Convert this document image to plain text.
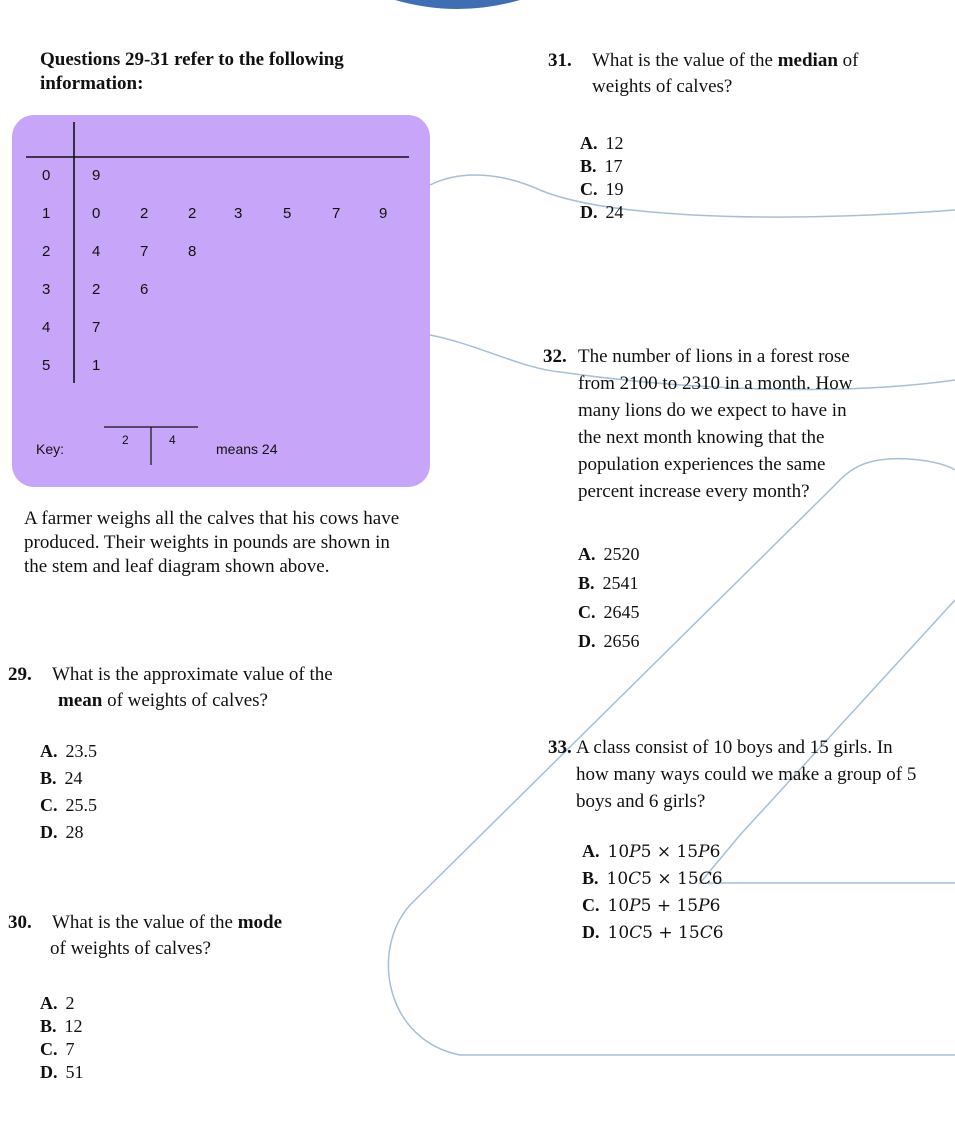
Questions 29-31 refer to the following information:
0	9
1	0	2	2	3	5	7	9
2	4	7	8
3	2	6
4	7
5	1
Key:
2	4
means 24
A farmer weighs all the calves that his cows have produced. Their weights in pounds are shown in the stem and leaf diagram shown above.
29. What is the approximate value of the
mean of weights of calves?
A. 23.5
B. 24
C. 25.5
D. 28
30. What is the value of the mode
of weights of calves?
A. 2
B. 12
C. 7
D. 51
31. What is the value of the median of
weights of calves?
A. 12
B. 17
C. 19
D. 24
32. The number of lions in a forest rose from 2100 to 2310 in a month. How many lions do we expect to have in the next month knowing that the population experiences the same percent increase every month?
A. 2520
B. 2541
C. 2645
D. 2656
33. A class consist of 10 boys and 15 girls. In how many ways could we make a group of 5 boys and 6 girls?
A. 10P5 × 15P6
B. 10C5 × 15C6
C. 10P5 + 15P6
D. 10C5 + 15C6
